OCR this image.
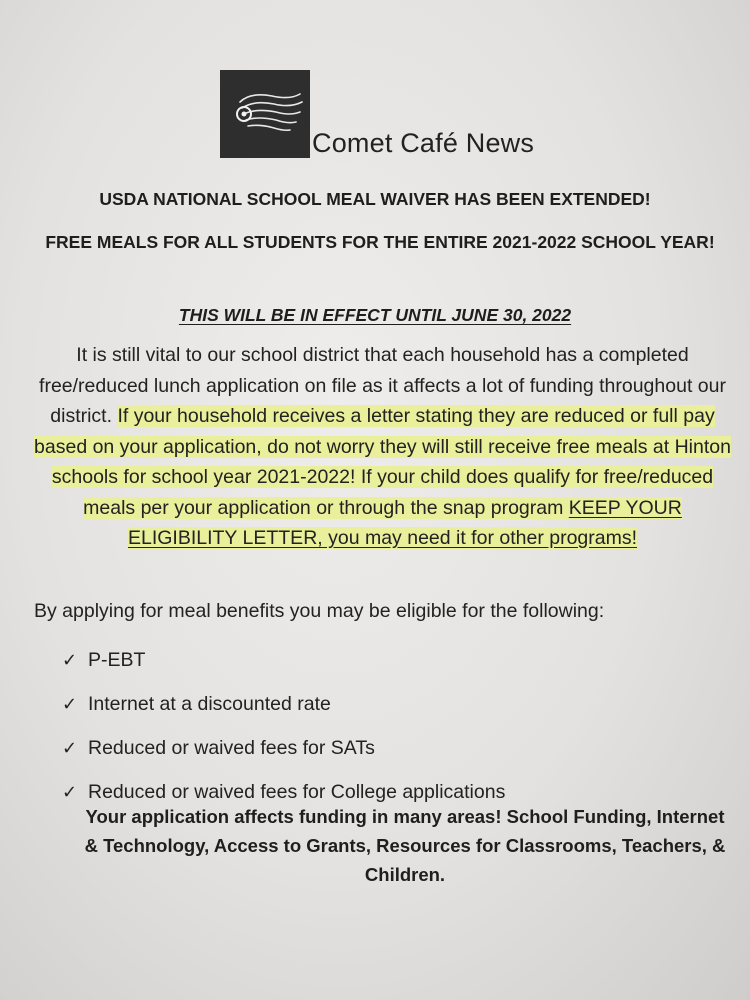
Comet Café News
USDA NATIONAL SCHOOL MEAL WAIVER HAS BEEN EXTENDED!
FREE MEALS FOR ALL STUDENTS FOR THE ENTIRE 2021-2022 SCHOOL YEAR!
THIS WILL BE IN EFFECT UNTIL JUNE 30, 2022
It is still vital to our school district that each household has a completed free/reduced lunch application on file as it affects a lot of funding throughout our district. If your household receives a letter stating they are reduced or full pay based on your application, do not worry they will still receive free meals at Hinton schools for school year 2021-2022! If your child does qualify for free/reduced meals per your application or through the snap program KEEP YOUR ELIGIBILITY LETTER, you may need it for other programs!
By applying for meal benefits you may be eligible for the following:
✓ P-EBT
✓ Internet at a discounted rate
✓ Reduced or waived fees for SATs
✓ Reduced or waived fees for College applications
Your application affects funding in many areas! School Funding, Internet & Technology, Access to Grants, Resources for Classrooms, Teachers, & Children.
